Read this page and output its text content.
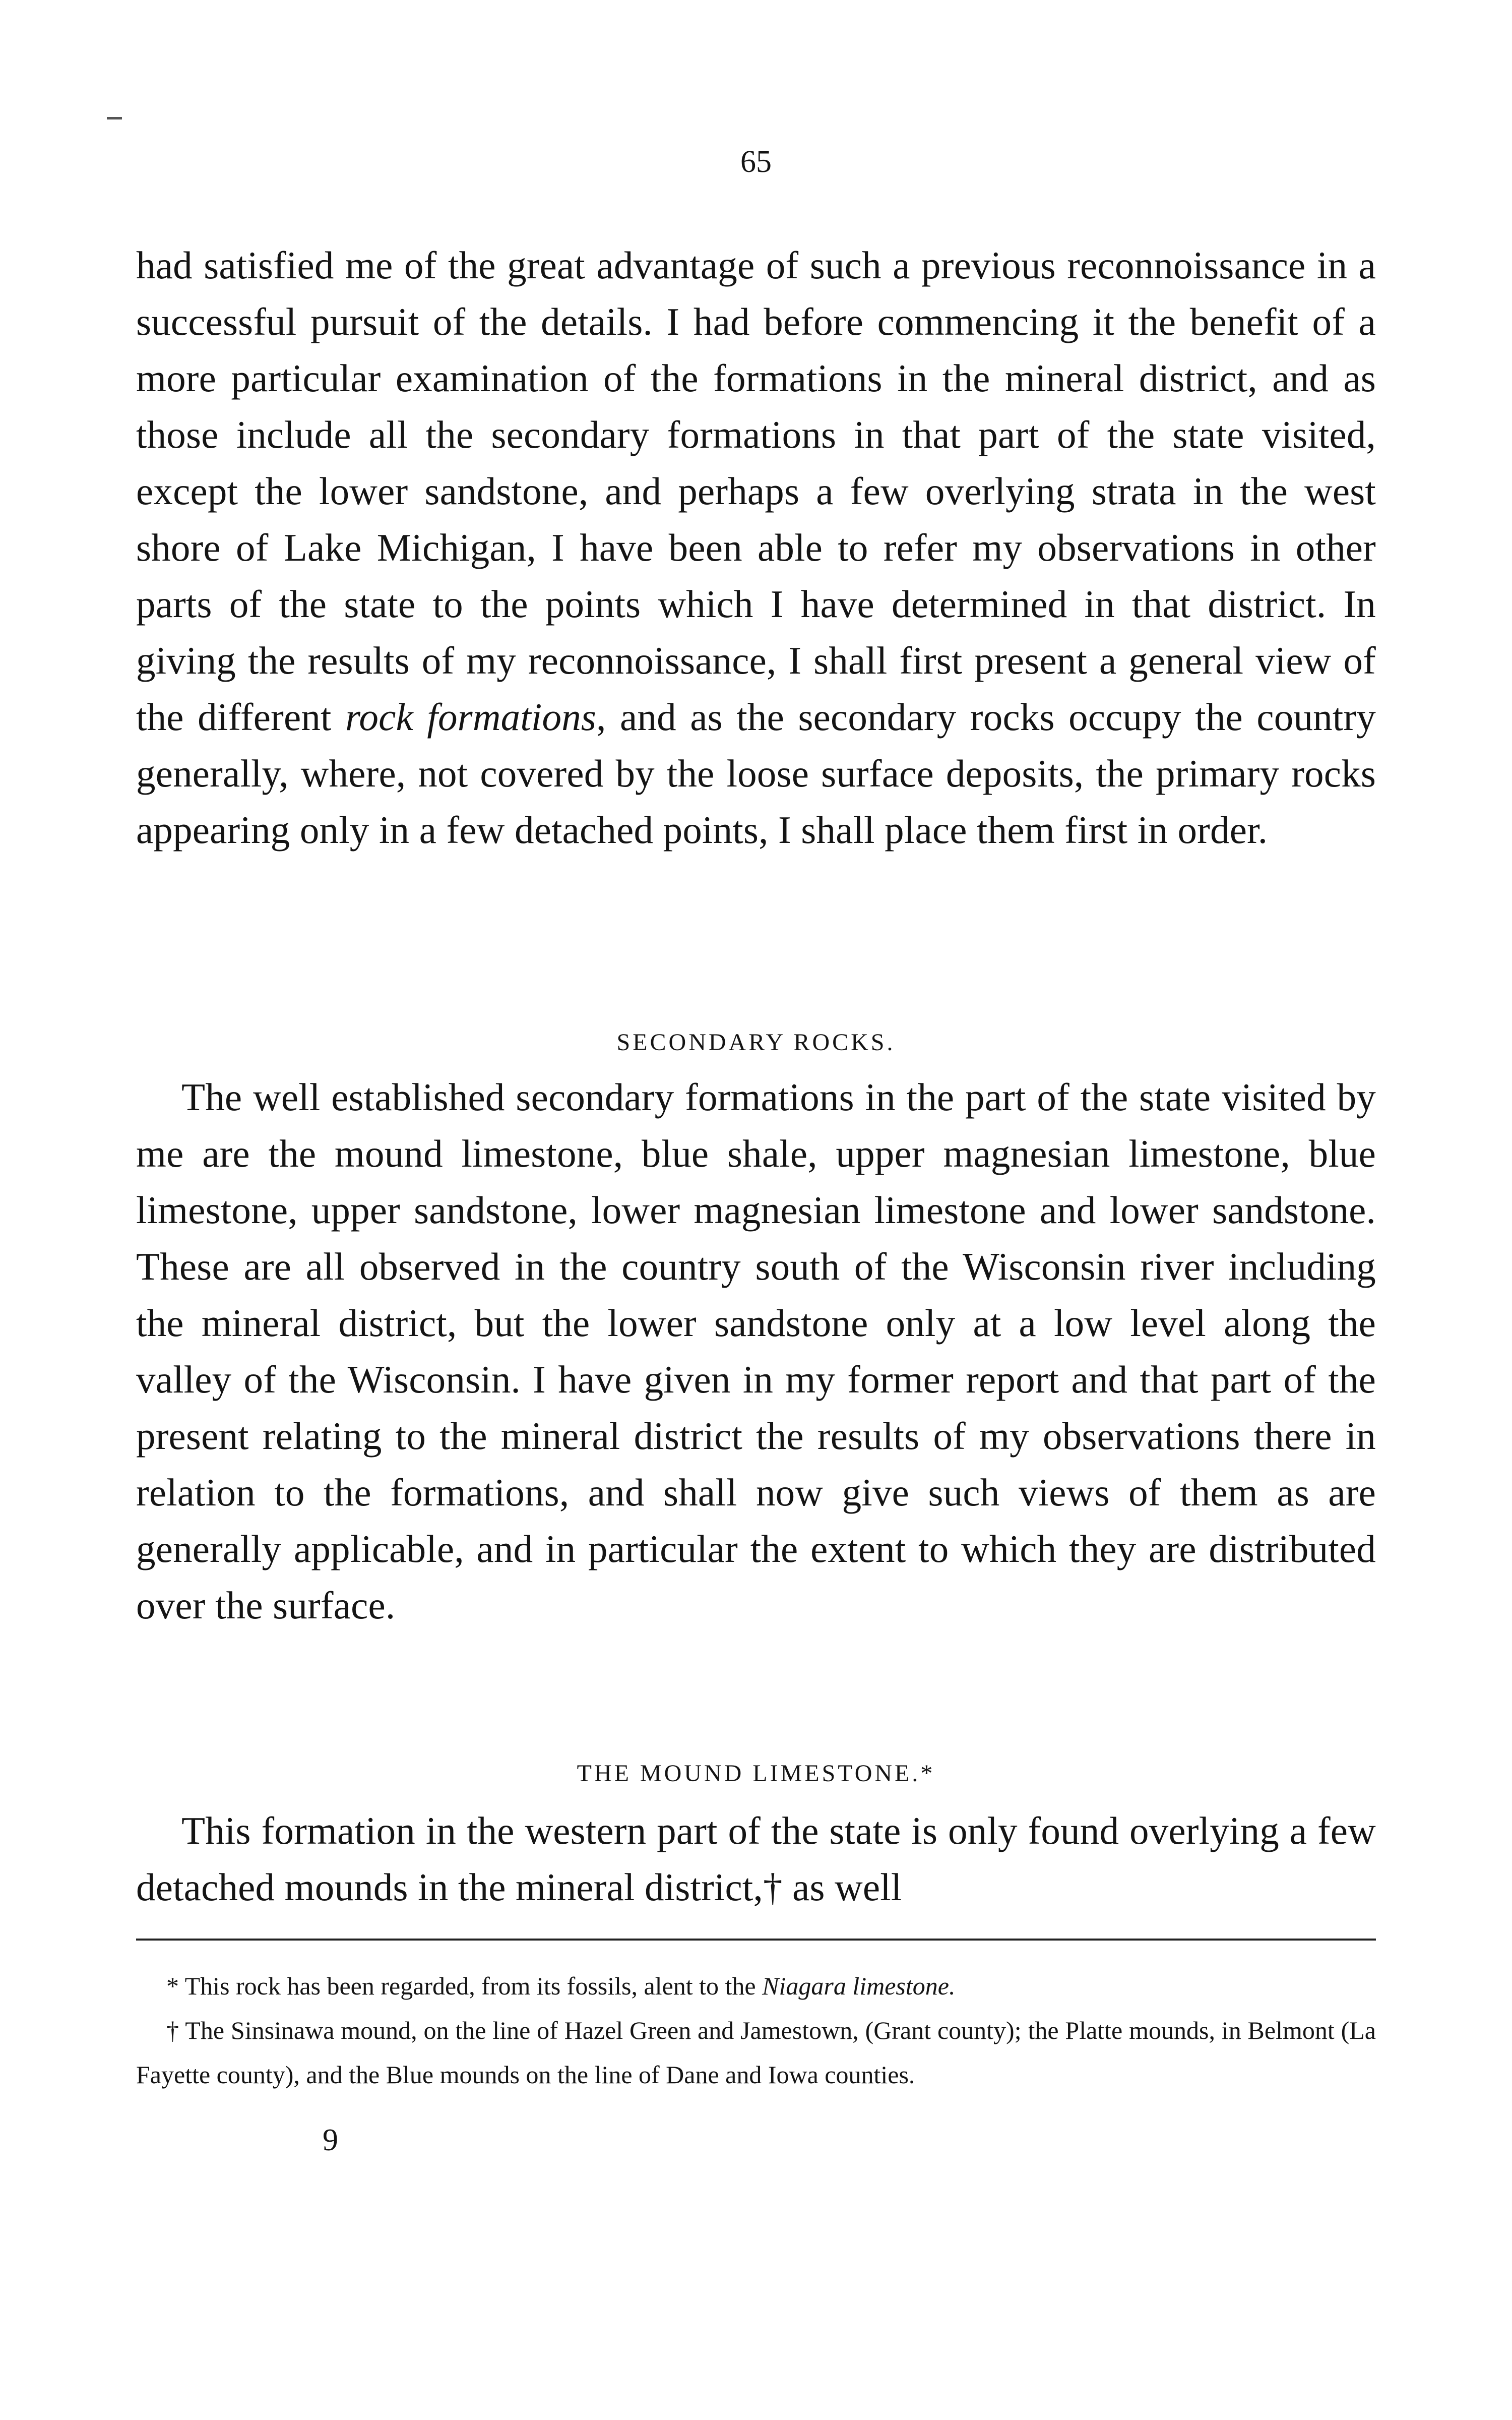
65

had satisfied me of the great advantage of such a previous reconnoissance in a successful pursuit of the details. I had before commencing it the benefit of a more particular examination of the formations in the mineral district, and as those include all the secondary formations in that part of the state visited, except the lower sandstone, and perhaps a few overlying strata in the west shore of Lake Michigan, I have been able to refer my observations in other parts of the state to the points which I have determined in that district. In giving the results of my reconnoissance, I shall first present a general view of the different rock formations, and as the secondary rocks occupy the country generally, where, not covered by the loose surface deposits, the primary rocks appearing only in a few detached points, I shall place them first in order.

SECONDARY ROCKS.

The well established secondary formations in the part of the state visited by me are the mound limestone, blue shale, upper magnesian limestone, blue limestone, upper sandstone, lower magnesian limestone and lower sandstone. These are all observed in the country south of the Wisconsin river including the mineral district, but the lower sandstone only at a low level along the valley of the Wisconsin. I have given in my former report and that part of the present relating to the mineral district the results of my observations there in relation to the formations, and shall now give such views of them as are generally applicable, and in particular the extent to which they are distributed over the surface.

THE MOUND LIMESTONE.*

This formation in the western part of the state is only found overlying a few detached mounds in the mineral district,† as well

* This rock has been regarded, from its fossils, alent to the Niagara limestone.
† The Sinsinawa mound, on the line of Hazel Green and Jamestown, (Grant county); the Platte mounds, in Belmont (La Fayette county), and the Blue mounds on the line of Dane and Iowa counties.
9
